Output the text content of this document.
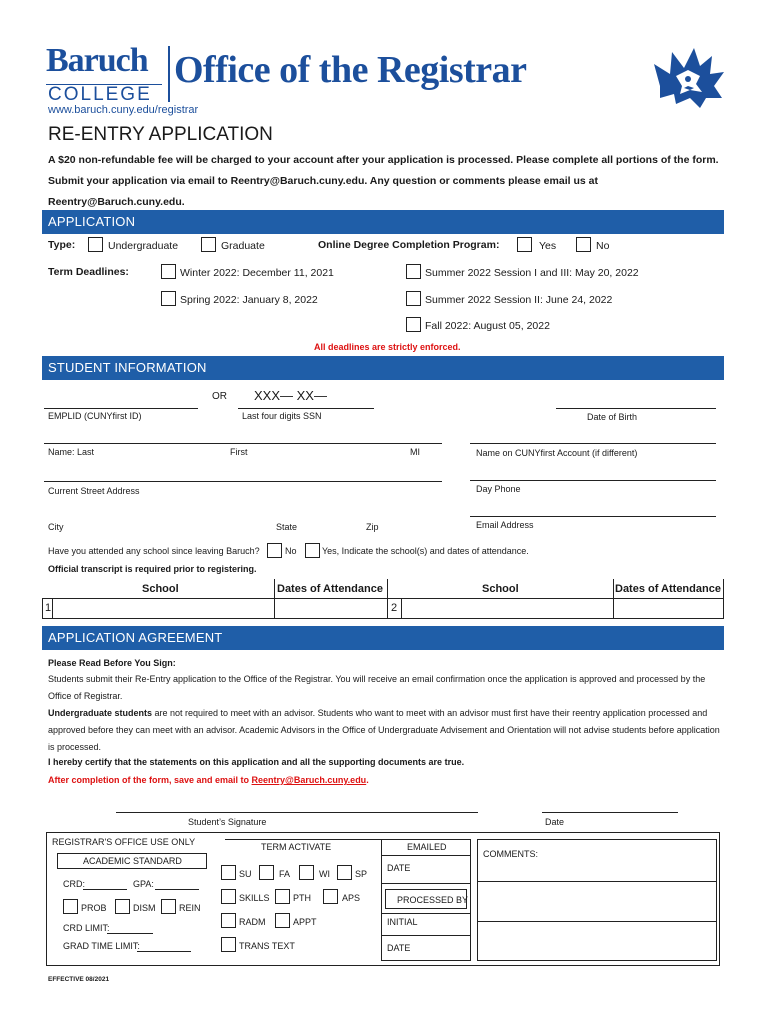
Baruch
COLLEGE
Office of the Registrar
www.baruch.cuny.edu/registrar
RE-ENTRY APPLICATION
A $20 non-refundable fee will be charged to your account after your application is processed. Please complete all portions of the form. Submit your application via email to Reentry@Baruch.cuny.edu. Any question or comments please email us at Reentry@Baruch.cuny.edu.
APPLICATION
Type:	Undergraduate	Graduate	Online Degree Completion Program:	Yes	No
Term Deadlines:	Winter 2022: December 11, 2021	Summer 2022 Session I and III: May 20, 2022
Spring 2022: January 8, 2022	Summer 2022 Session II: June 24, 2022
Fall 2022: August 05, 2022
All deadlines are strictly enforced.
STUDENT INFORMATION
OR XXX— XX—
EMPLID (CUNYfirst ID)	Last four digits SSN	Date of Birth
Name: Last	First	MI	Name on CUNYfirst Account (if different)
Current Street Address	Day Phone
City	State	Zip	Email Address
Have you attended any school since leaving Baruch?	No	Yes, Indicate the school(s) and dates of attendance.
Official transcript is required prior to registering.
School	Dates of Attendance	School	Dates of Attendance
1	2
APPLICATION AGREEMENT
Please Read Before You Sign:
Students submit their Re-Entry application to the Office of the Registrar. You will receive an email confirmation once the application is approved and processed by the Office of Registrar.
Undergraduate students are not required to meet with an advisor. Students who want to meet with an advisor must first have their reentry application processed and approved before they can meet with an advisor. Academic Advisors in the Office of Undergraduate Advisement and Orientation will not advise students before application is processed.
I hereby certify that the statements on this application and all the supporting documents are true.
After completion of the form, save and email to Reentry@Baruch.cuny.edu.
Student’s Signature	Date
REGISTRAR'S OFFICE USE ONLY
ACADEMIC STANDARD
CRD:	GPA:
PROB	DISM	REIN
CRD LIMIT:
GRAD TIME LIMIT:
TERM ACTIVATE
SU	FA	WI	SP
SKILLS	PTH	APS
RADM	APPT
TRANS TEXT
EMAILED
DATE
PROCESSED BY
INITIAL
DATE
COMMENTS:
EFFECTIVE 08/2021
